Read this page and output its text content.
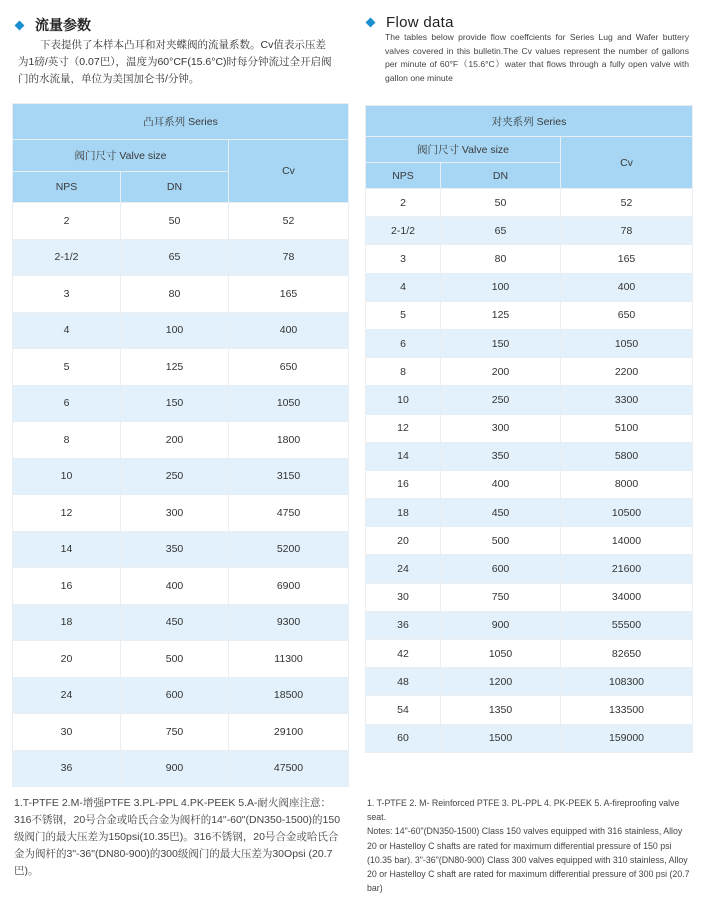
流量参数
下表提供了本样本凸耳和对夹蝶阀的流量系数。Cv值表示压差为1磅/英寸（0.07巴），温度为60°CF(15.6°C)时每分钟流过全开启阀门的水流量，单位为美国加仑书/分钟。
凸耳系列 Series		
阀门尺寸 Valve size		Cv
NPS	DN	
2	50	52
2-1/2	65	78
3	80	165
4	100	400
5	125	650
6	150	1050
8	200	1800
10	250	3150
12	300	4750
14	350	5200
16	400	6900
18	450	9300
20	500	11300
24	600	18500
30	750	29100
36	900	47500
1.T-PTFE 2.M-增强PTFE 3.PL-PPL 4.PK-PEEK 5.A-耐火阀座注意：316不锈钢，20号合金或哈氏合金为阀杆的14"-60"(DN350-1500)的150级阀门的最大压差为150psi(10.35巴)。316不锈钢，20号合金或哈氏合金为阀杆的3"-36"(DN80-900)的300级阀门的最大压差为30Opsi (20.7巴)。
Flow data
The tables below provide flow coeffcients for Series Lug and Wafer buttery valves covered in this bulletin.The Cv values represent the number of gallons per minute of 60°F（15.6°C）water that flows through a fully open valve with gallon one minute
对夹系列 Series		
阀门尺寸 Valve size		Cv
NPS	DN	
2	50	52
2-1/2	65	78
3	80	165
4	100	400
5	125	650
6	150	1050
8	200	2200
10	250	3300
12	300	5100
14	350	5800
16	400	8000
18	450	10500
20	500	14000
24	600	21600
30	750	34000
36	900	55500
42	1050	82650
48	1200	108300
54	1350	133500
60	1500	159000
1. T-PTFE 2. M- Reinforced PTFE 3. PL-PPL 4. PK-PEEK 5. A-fireproofing valve seat.
Notes: 14"-60"(DN350-1500) Class 150 valves equipped with 316 stainless, Alloy 20 or Hastelloy C shafts are rated for maximum differential pressure of 150 psi (10.35 bar). 3"-36"(DN80-900) Class 300 valves equipped with 310 stainless, Alloy 20 or Hastelloy C shaft are rated for maximum differential pressure of 300 psi (20.7 bar)
